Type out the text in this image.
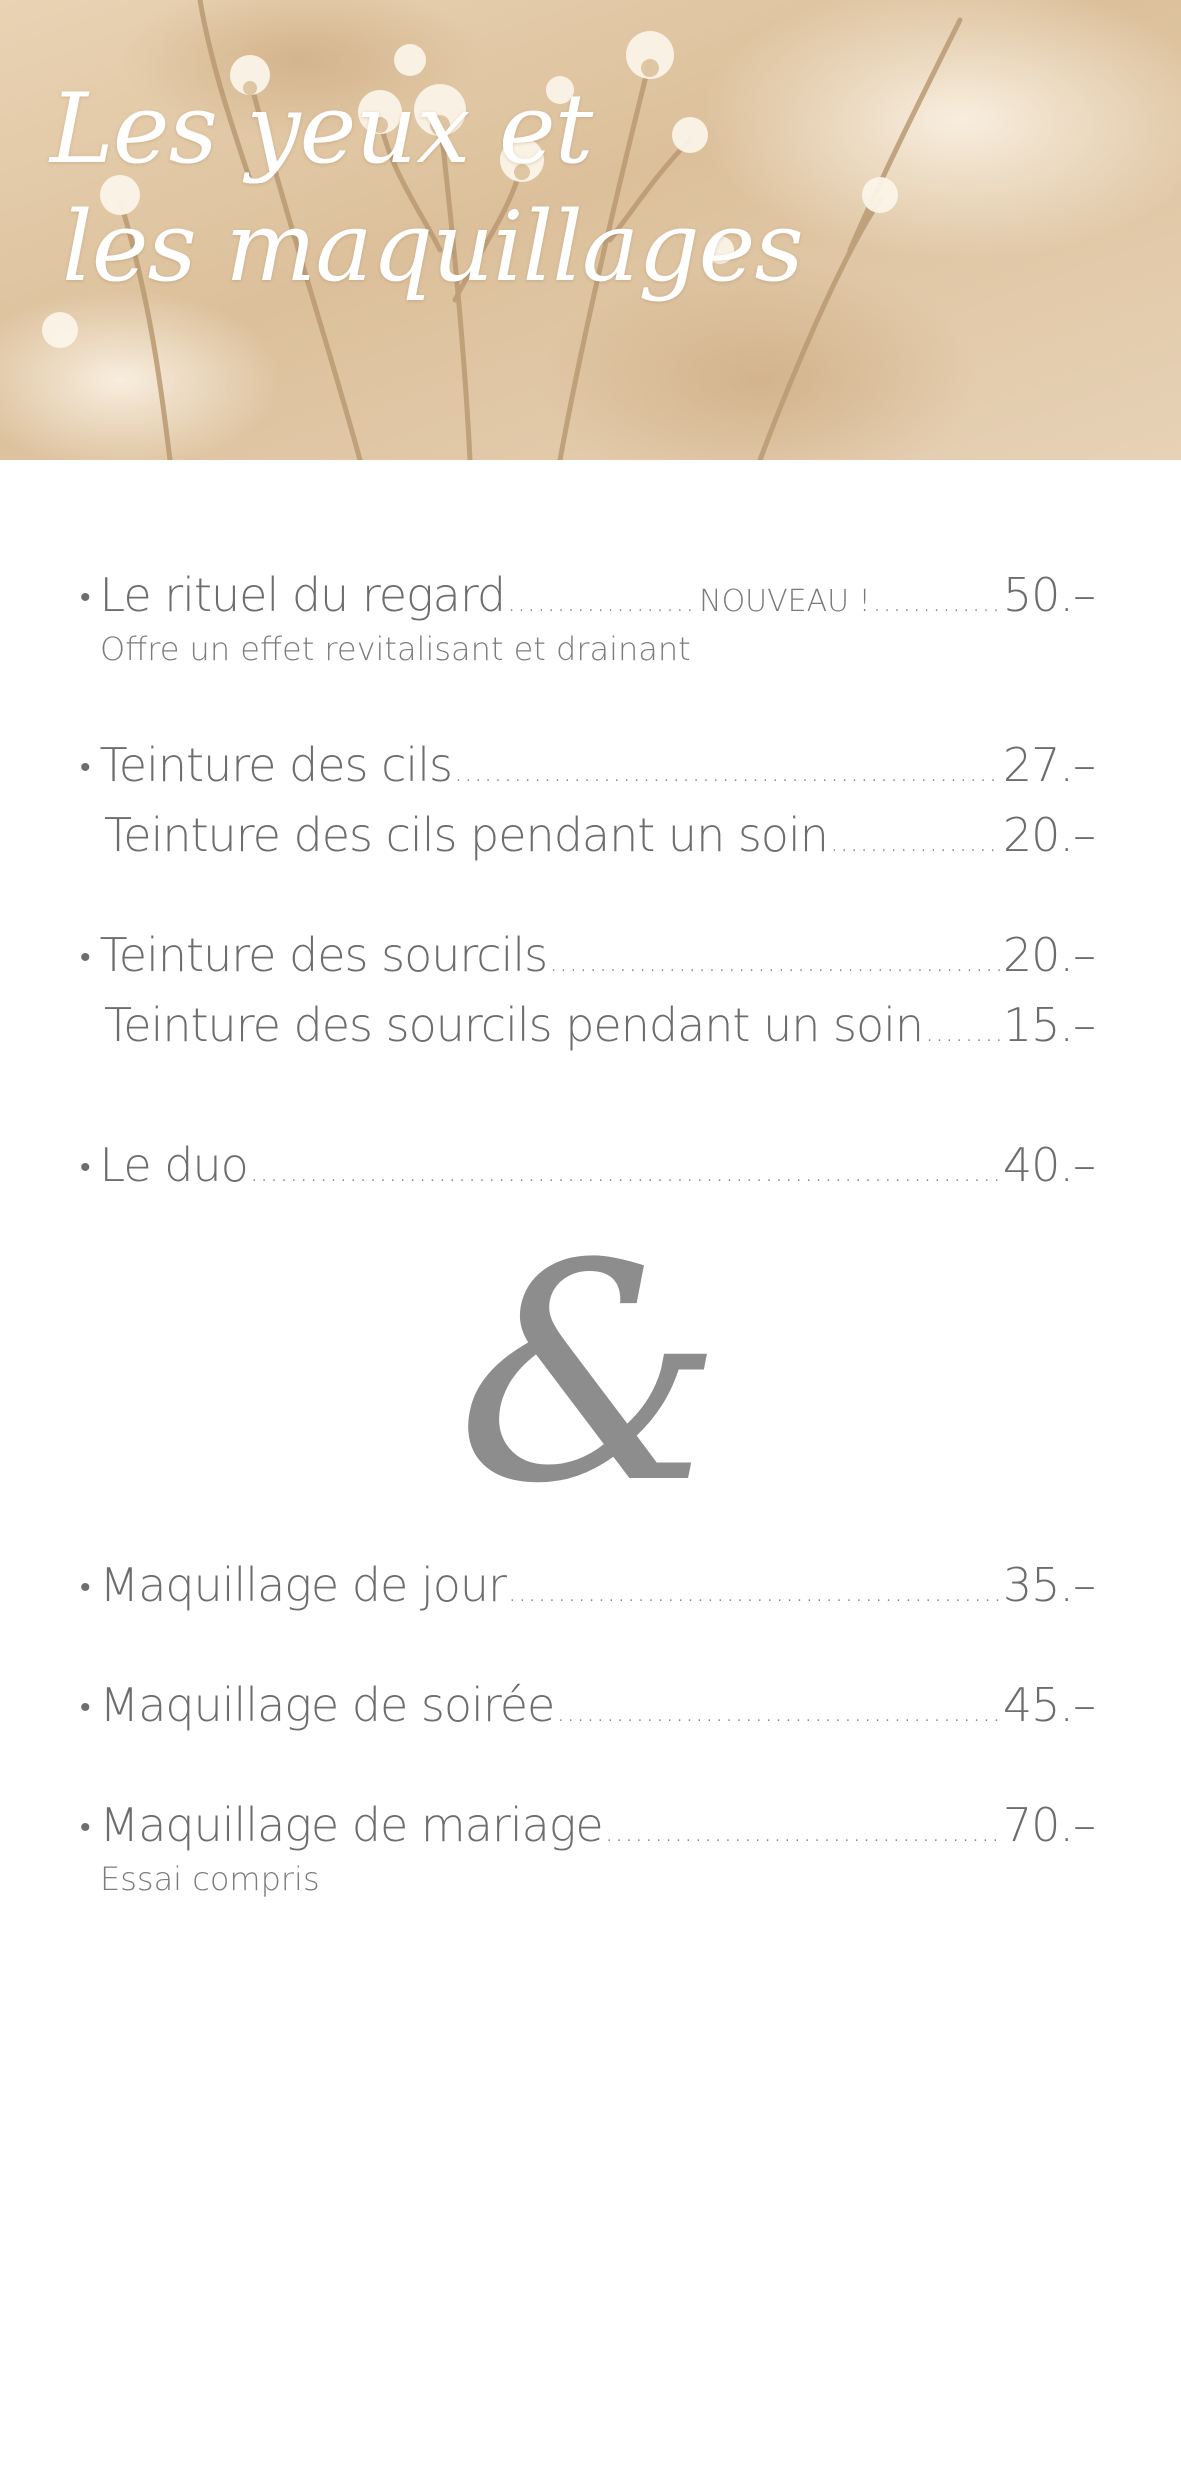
Les yeux et
les maquillages
• Le rituel du regard .....	NOUVEAU ! .....	50.–
Offre un effet revitalisant et drainant
• Teinture des cils .....	27.–
Teinture des cils pendant un soin .....	20.–
• Teinture des sourcils .....	20.–
Teinture des sourcils pendant un soin ..... 15.–
• Le duo .....	40.–
&
• Maquillage de jour .....	35.–
• Maquillage de soirée .....	45.–
• Maquillage de mariage .....	70.–
Essai compris
